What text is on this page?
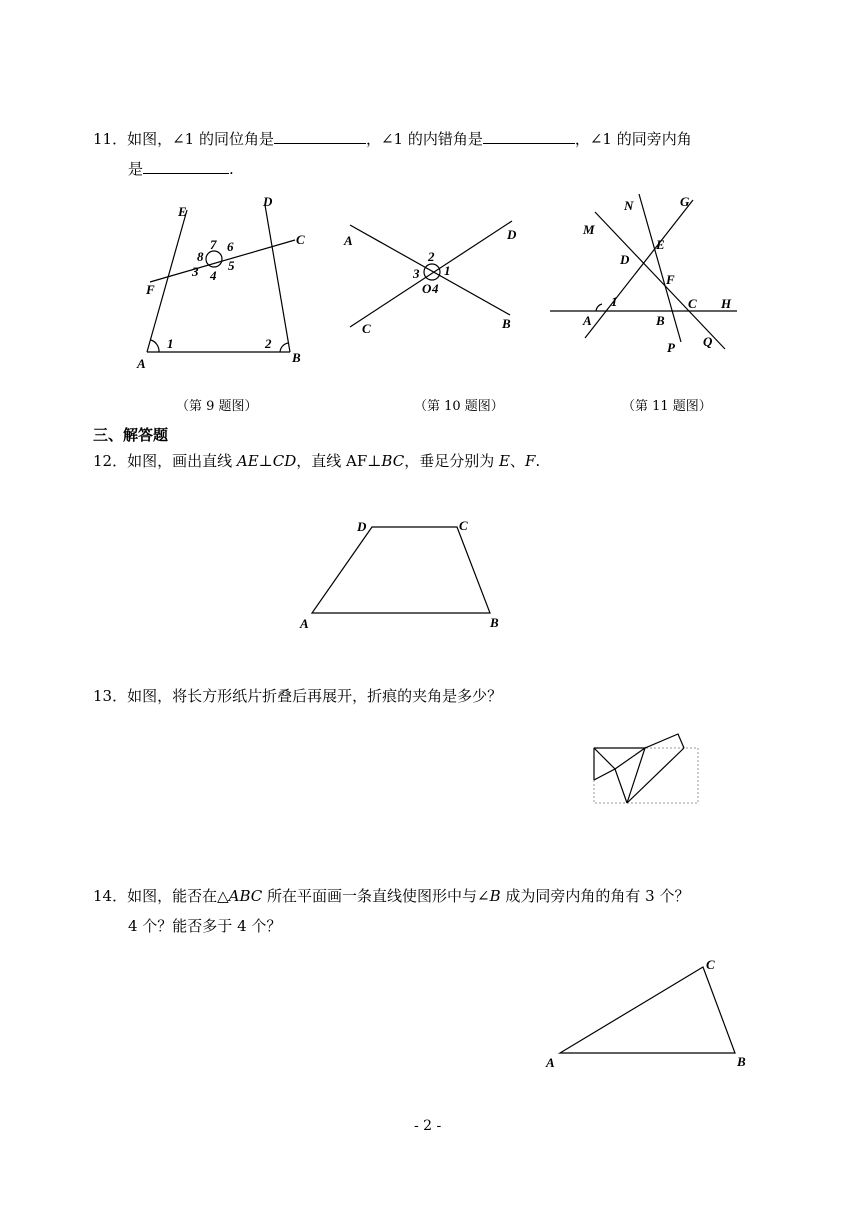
11．如图，∠1 的同位角是	，∠1 的内错角是	，∠1 的同旁内角
是	.
E
D
C
F
A	B
1	2
3 4
5
6
7
8
（第 9 题图）
A	D
C	B
O
1
2
3
4
（第 10 题图）
N	G
M
E
D
F
1
A	B
C H
P Q
（第 11 题图）
三、解答题
12．如图，画出直线 AE⊥CD，直线 AF⊥BC，垂足分别为 E、F.
D	C
A	B
13．如图，将长方形纸片折叠后再展开，折痕的夹角是多少？
14．如图，能否在△ABC 所在平面画一条直线使图形中与∠B 成为同旁内角的角有 3 个？
4 个？能否多于 4 个？
C
A	B
- 2 -
